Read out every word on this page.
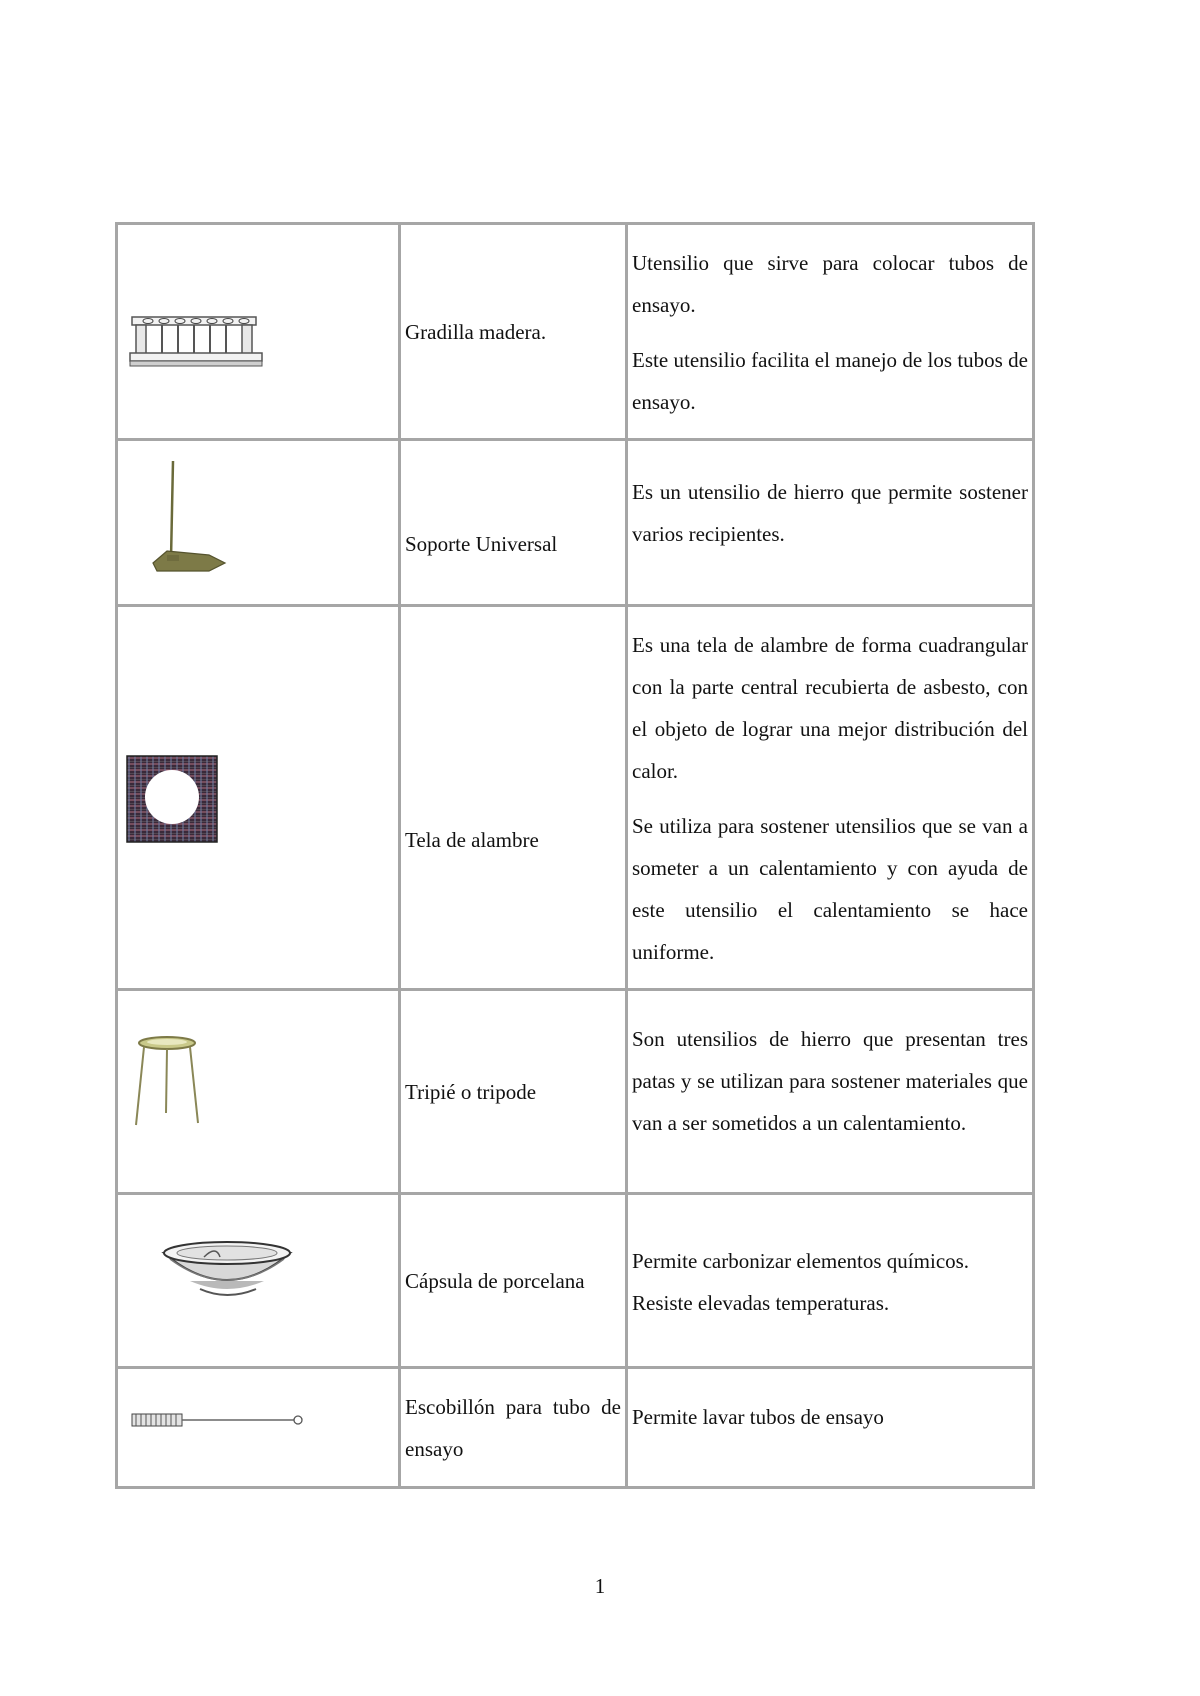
Gradilla madera.	Utensilio que sirve para colocar tubos de ensayo.

Este utensilio facilita el manejo de los tubos de ensayo.

Soporte Universal	Es un utensilio de hierro que permite sostener varios recipientes.

Tela de alambre	Es una tela de alambre de forma cuadrangular con la parte central recubierta de asbesto, con el objeto de lograr una mejor distribución del calor.

Se utiliza para sostener utensilios que se van a someter a un calentamiento y con ayuda de este utensilio el calentamiento se hace uniforme.

Tripié o tripode	Son utensilios de hierro que presentan tres patas y se utilizan para sostener materiales que van a ser sometidos a un calentamiento.

Cápsula de porcelana	Permite carbonizar elementos químicos. Resiste elevadas temperaturas.

Escobillón para tubo de ensayo	Permite lavar tubos de ensayo

1
